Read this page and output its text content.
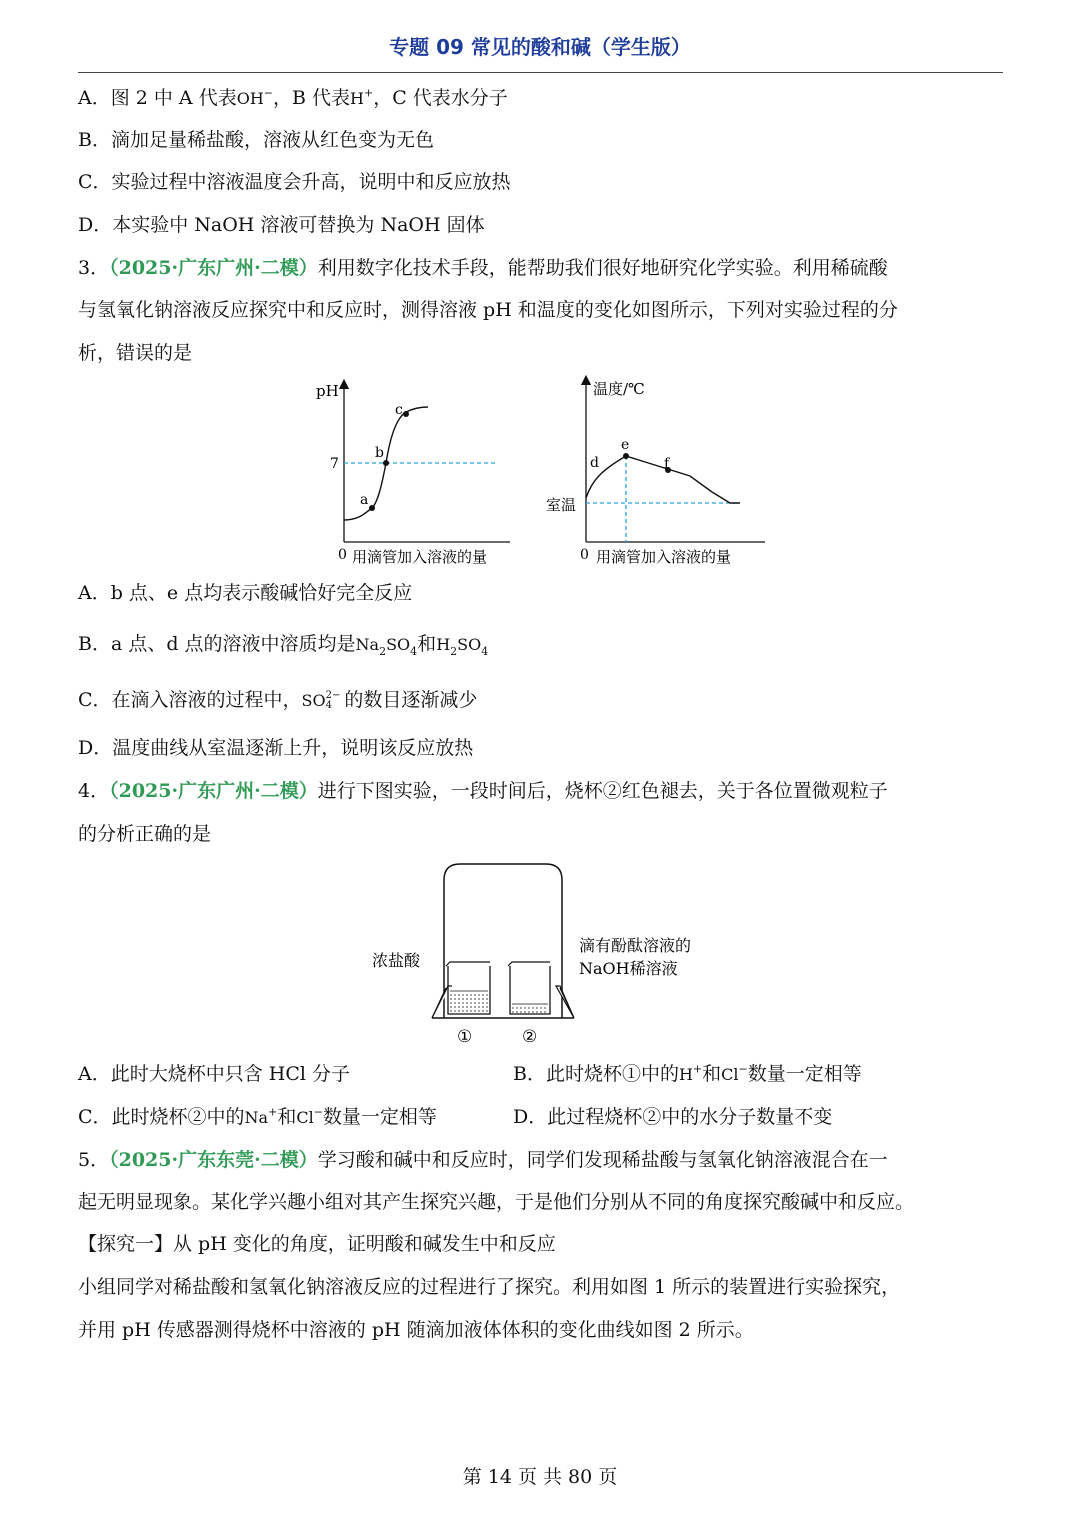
专题 09 常见的酸和碱（学生版）
A．图 2 中 A 代表OH−，B 代表H+，C 代表水分子
B．滴加足量稀盐酸，溶液从红色变为无色
C．实验过程中溶液温度会升高，说明中和反应放热
D．本实验中 NaOH 溶液可替换为 NaOH 固体
3．（2025·广东广州·二模）利用数字化技术手段，能帮助我们很好地研究化学实验。利用稀硫酸
与氢氧化钠溶液反应探究中和反应时，测得溶液 pH 和温度的变化如图所示，下列对实验过程的分
析，错误的是
pH
7
a
b
c
0 用滴管加入溶液的量
温度/℃
室温
d
e
f
0 用滴管加入溶液的量
A．b 点、e 点均表示酸碱恰好完全反应
B．a 点、d 点的溶液中溶质均是$Na_2SO_4$和$H_2SO_4$
C．在滴入溶液的过程中，SO 2−
4 的数目逐渐减少
D．温度曲线从室温逐渐上升，说明该反应放热
4．（2025·广东广州·二模）进行下图实验，一段时间后，烧杯②红色褪去，关于各位置微观粒子
的分析正确的是
浓盐酸
滴有酚酞溶液的
NaOH稀溶液
①	②
A．此时大烧杯中只含 HCl 分子	B．此时烧杯①中的H+和Cl−数量一定相等
C．此时烧杯②中的Na+和Cl−数量一定相等	D．此过程烧杯②中的水分子数量不变
5．（2025·广东东莞·二模）学习酸和碱中和反应时，同学们发现稀盐酸与氢氧化钠溶液混合在一
起无明显现象。某化学兴趣小组对其产生探究兴趣，于是他们分别从不同的角度探究酸碱中和反应。
【探究一】从 pH 变化的角度，证明酸和碱发生中和反应
小组同学对稀盐酸和氢氧化钠溶液反应的过程进行了探究。利用如图 1 所示的装置进行实验探究，
并用 pH 传感器测得烧杯中溶液的 pH 随滴加液体体积的变化曲线如图 2 所示。
第 14 页 共 80 页
